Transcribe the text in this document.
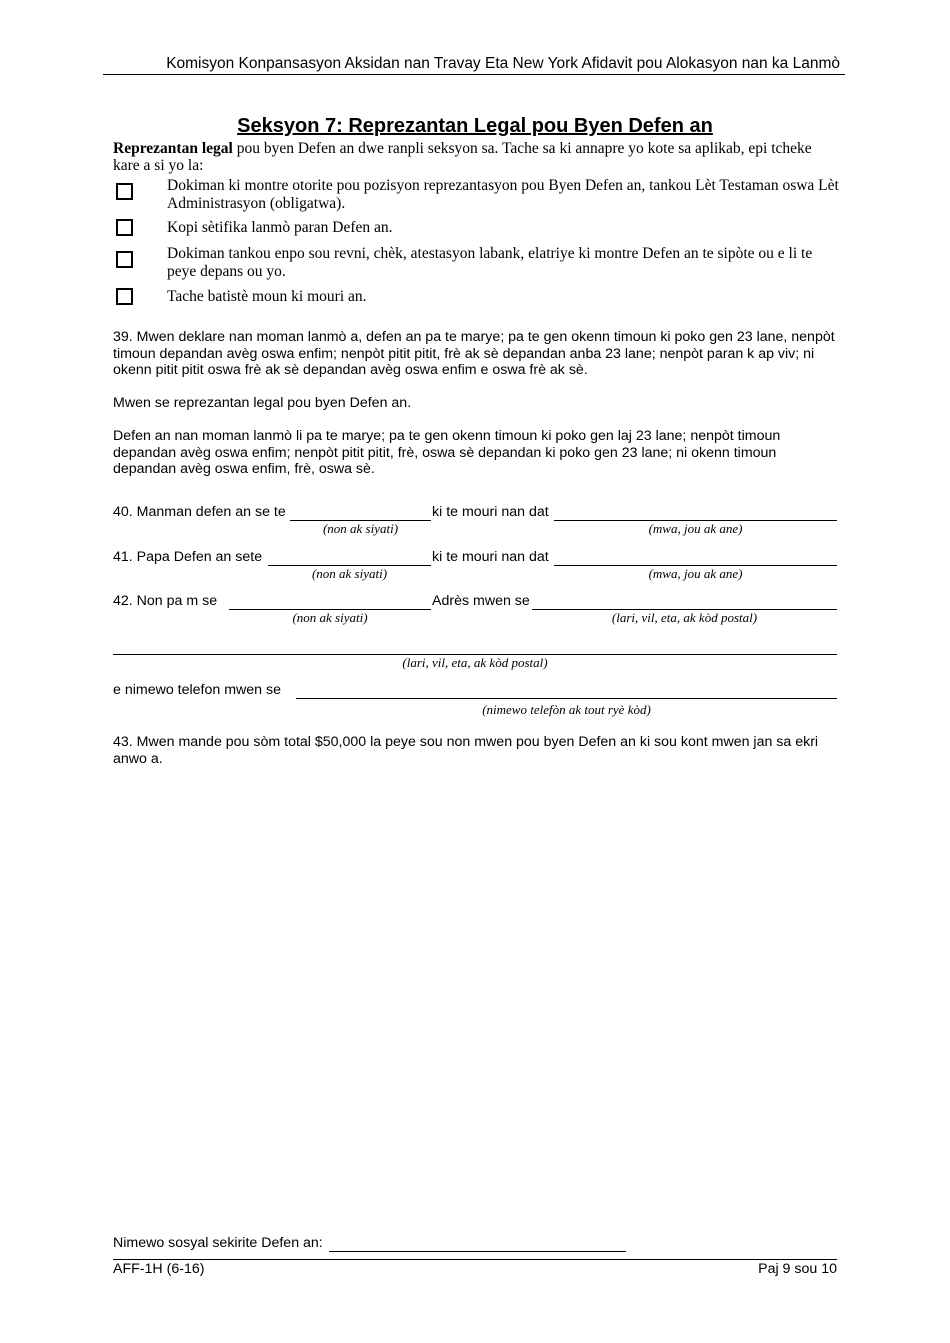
Komisyon Konpansasyon Aksidan nan Travay Eta New York Afidavit pou Alokasyon nan ka Lanmò
Seksyon 7: Reprezantan Legal pou Byen Defen an
Reprezantan legal pou byen Defen an dwe ranpli seksyon sa. Tache sa ki annapre yo kote sa aplikab, epi tcheke kare a si yo la:
Dokiman ki montre otorite pou pozisyon reprezantasyon pou Byen Defen an, tankou Lèt Testaman oswa Lèt Administrasyon (obligatwa).
Kopi sètifika lanmò paran Defen an.
Dokiman tankou enpo sou revni, chèk, atestasyon labank, elatriye ki montre Defen an te sipòte ou e li te peye depans ou yo.
Tache batistè moun ki mouri an.
39. Mwen deklare nan moman lanmò a, defen an pa te marye; pa te gen okenn timoun ki poko gen 23 lane, nenpòt timoun depandan avèg oswa enfim; nenpòt pitit pitit, frè ak sè depandan anba 23 lane; nenpòt paran k ap viv; ni okenn pitit pitit oswa frè ak sè depandan avèg oswa enfim e oswa frè ak sè.
Mwen se reprezantan legal pou byen Defen an.
Defen an nan moman lanmò li pa te marye; pa te gen okenn timoun ki poko gen laj 23 lane; nenpòt timoun depandan avèg oswa enfim; nenpòt pitit pitit, frè, oswa sè depandan ki poko gen 23 lane; ni okenn timoun depandan avèg oswa enfim, frè, oswa sè.
40. Manman defen an se te	ki te mouri nan dat
(non ak siyati)	(mwa, jou ak ane)
41. Papa Defen an sete	ki te mouri nan dat
(non ak siyati)	(mwa, jou ak ane)
42. Non pa m se	Adrès mwen se
(non ak siyati)	(lari, vil, eta, ak kòd postal)
(lari, vil, eta, ak kòd postal)
e nimewo telefon mwen se
(nimewo telefòn ak tout ryè kòd)
43. Mwen mande pou sòm total $50,000 la peye sou non mwen pou byen Defen an ki sou kont mwen jan sa ekri anwo a.
Nimewo sosyal sekirite Defen an:
AFF-1H (6-16)	Paj 9 sou 10
